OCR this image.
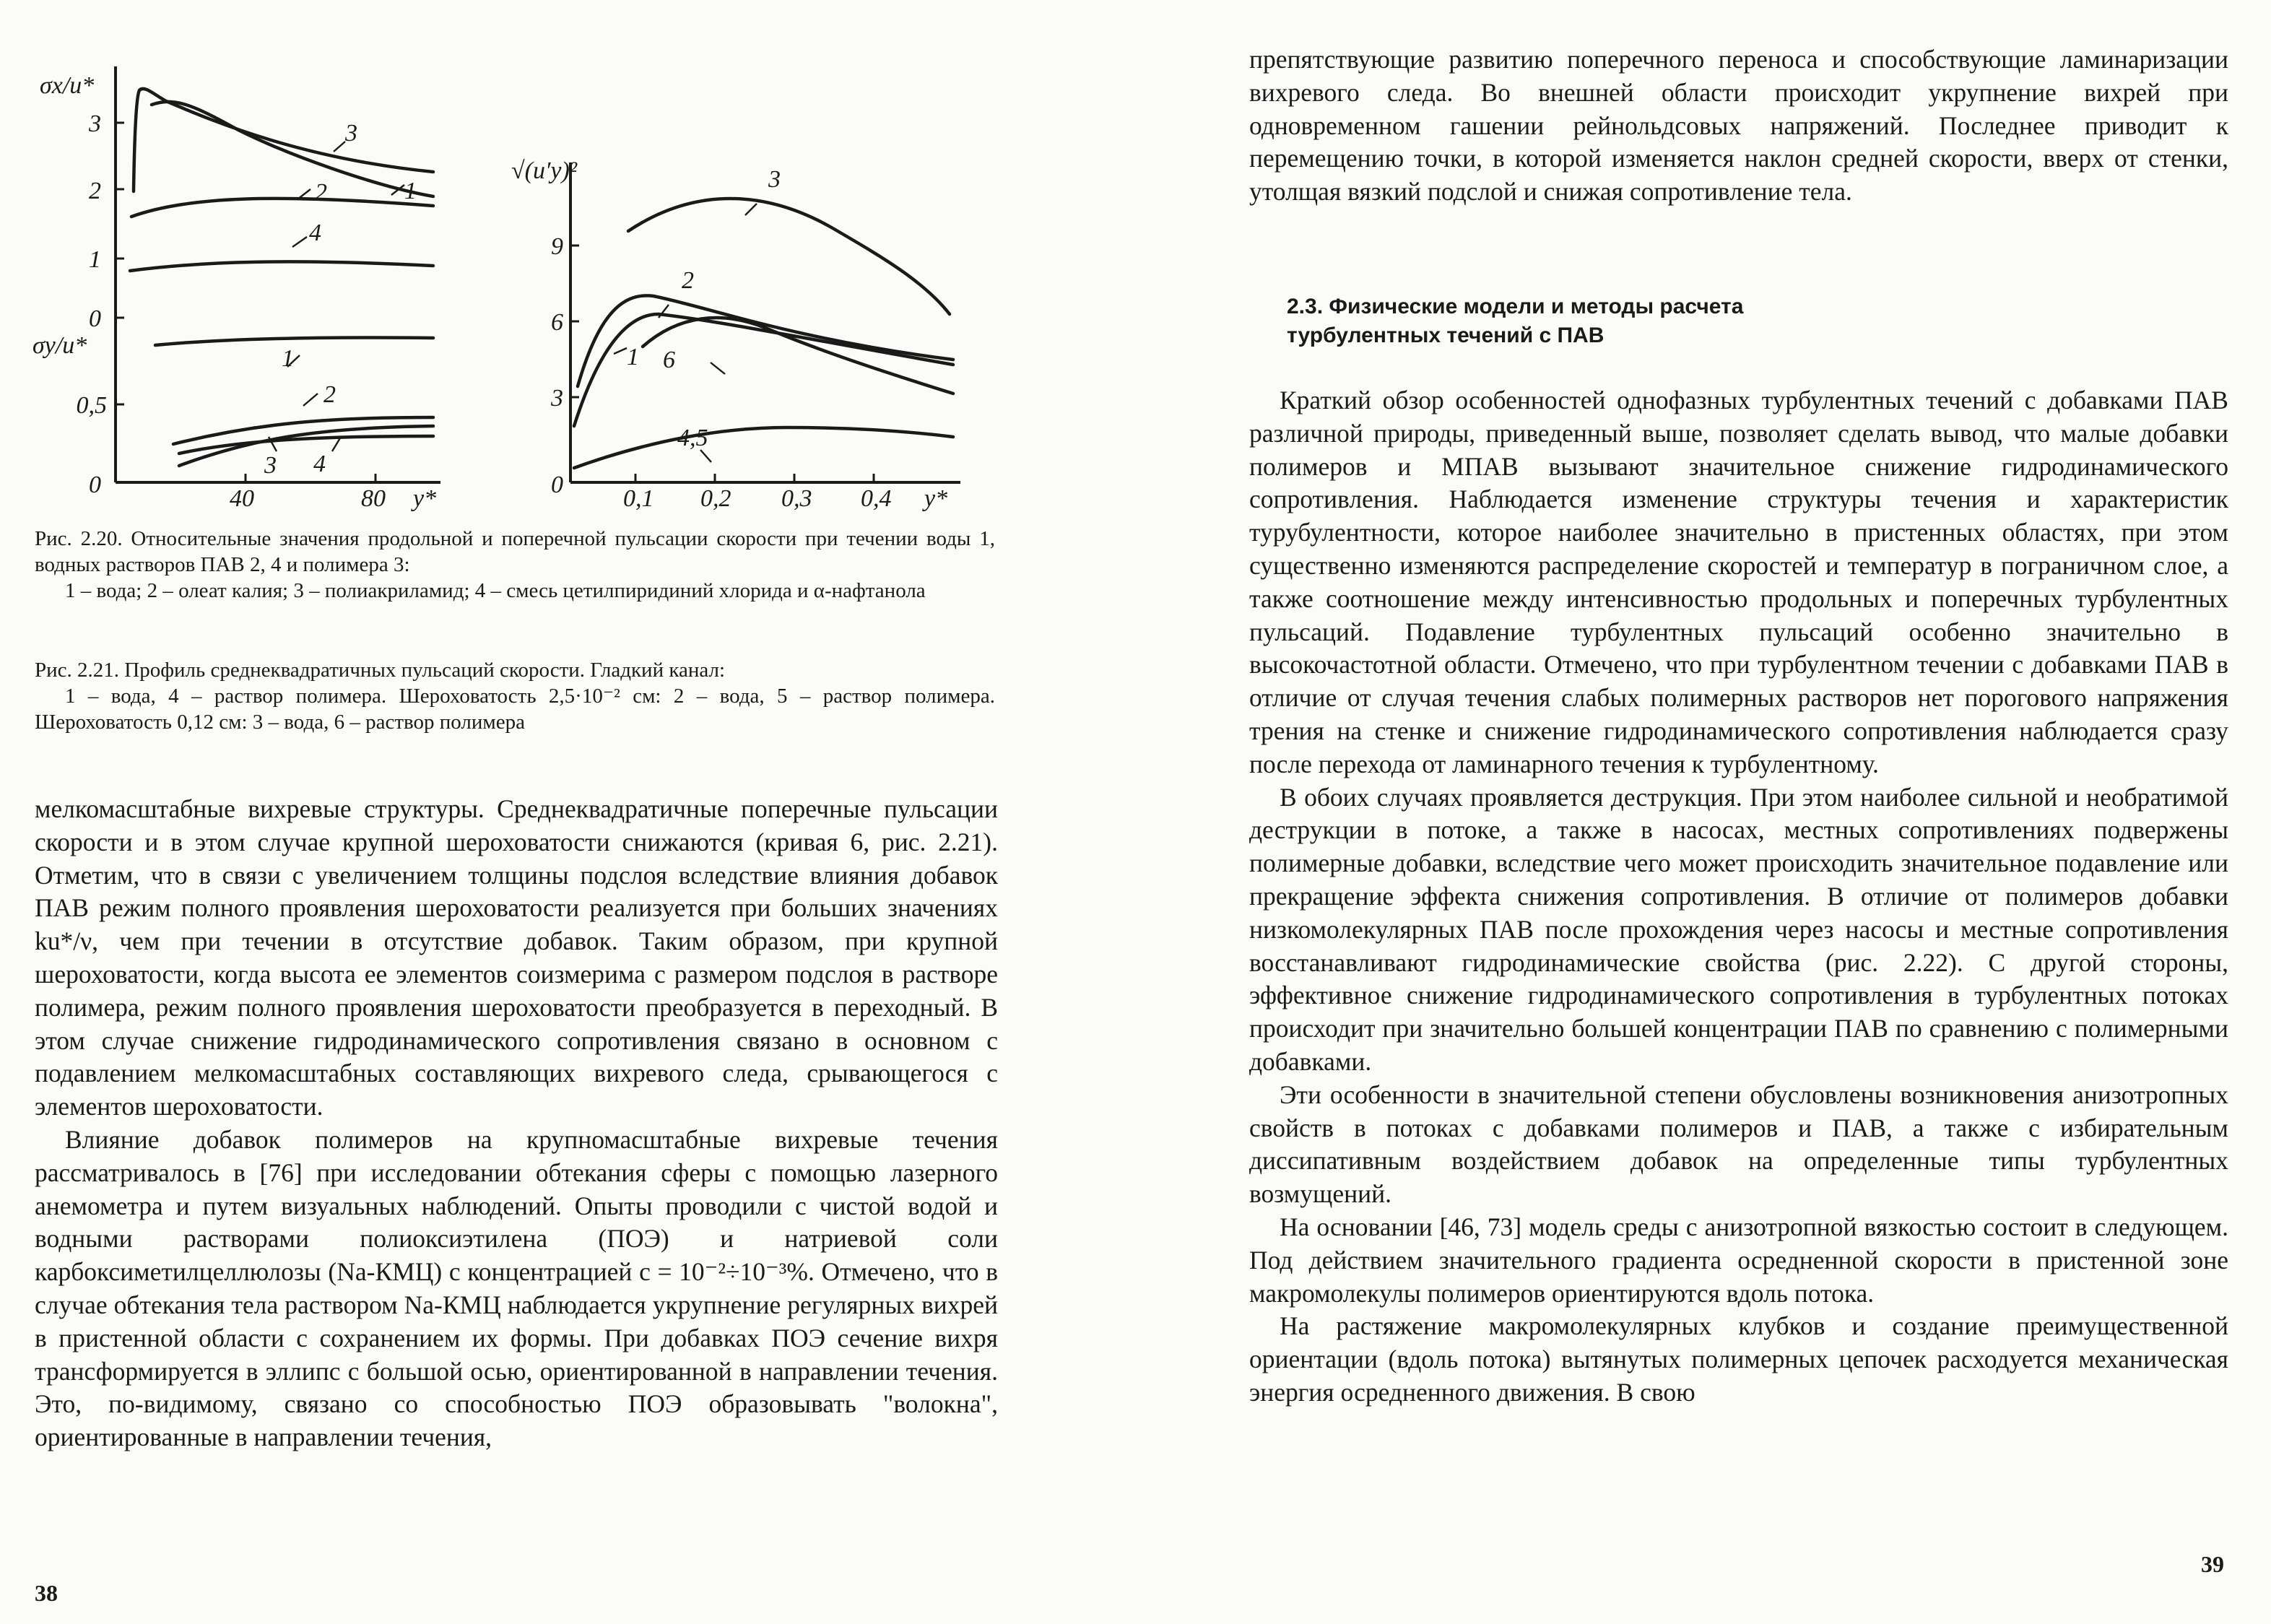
σx/u*
σy/u*
3
2
1
0
0,5
0
40	80 y*
3
2	1
4
1
2
3 4
√(u′y)²
9
6
3
0
0,1 0,2 0,3 0,4 y*
3
2
1 6
4,5

Рис. 2.20. Относительные значения продольной и поперечной пульсации скорости при течении воды 1, водных растворов ПАВ 2, 4 и полимера 3:

1 – вода; 2 – олеат калия; 3 – полиакриламид; 4 – смесь цетилпиридиний хлорида и α-нафтанола

Рис. 2.21. Профиль среднеквадратичных пульсаций скорости. Гладкий канал:

1 – вода, 4 – раствор полимера. Шероховатость 2,5·10⁻² см: 2 – вода, 5 – раствор полимера. Шероховатость 0,12 см: 3 – вода, 6 – раствор полимера

мелкомасштабные вихревые структуры. Среднеквадратичные поперечные пульсации скорости и в этом случае крупной шероховатости снижаются (кривая 6, рис. 2.21). Отметим, что в связи с увеличением толщины подслоя вследствие влияния добавок ПАВ режим полного проявления шероховатости реализуется при больших значениях ku*/ν, чем при течении в отсутствие добавок. Таким образом, при крупной шероховатости, когда высота ее элементов соизмерима с размером подслоя в растворе полимера, режим полного проявления шероховатости преобразуется в переходный. В этом случае снижение гидродинамического сопротивления связано в основном с подавлением мелкомасштабных составляющих вихревого следа, срывающегося с элементов шероховатости.

Влияние добавок полимеров на крупномасштабные вихревые течения рассматривалось в [76] при исследовании обтекания сферы с помощью лазерного анемометра и путем визуальных наблюдений. Опыты проводили с чистой водой и водными растворами полиоксиэтилена (ПОЭ) и натриевой соли карбоксиметилцеллюлозы (Na-КМЦ) с концентрацией c = 10⁻²÷10⁻³%. Отмечено, что в случае обтекания тела раствором Na-КМЦ наблюдается укрупнение регулярных вихрей в пристенной области с сохранением их формы. При добавках ПОЭ сечение вихря трансформируется в эллипс с большой осью, ориентированной в направлении течения. Это, по-видимому, связано со способностью ПОЭ образовывать "волокна", ориентированные в направлении течения,

38

препятствующие развитию поперечного переноса и способствующие ламинаризации вихревого следа. Во внешней области происходит укрупнение вихрей при одновременном гашении рейнольдсовых напряжений. Последнее приводит к перемещению точки, в которой изменяется наклон средней скорости, вверх от стенки, утолщая вязкий подслой и снижая сопротивление тела.

2.3. Физические модели и методы расчета
турбулентных течений с ПАВ

Краткий обзор особенностей однофазных турбулентных течений с добавками ПАВ различной природы, приведенный выше, позволяет сделать вывод, что малые добавки полимеров и МПАВ вызывают значительное снижение гидродинамического сопротивления. Наблюдается изменение структуры течения и характеристик турубулентности, которое наиболее значительно в пристенных областях, при этом существенно изменяются распределение скоростей и температур в пограничном слое, а также соотношение между интенсивностью продольных и поперечных турбулентных пульсаций. Подавление турбулентных пульсаций особенно значительно в высокочастотной области. Отмечено, что при турбулентном течении с добавками ПАВ в отличие от случая течения слабых полимерных растворов нет порогового напряжения трения на стенке и снижение гидродинамического сопротивления наблюдается сразу после перехода от ламинарного течения к турбулентному.

В обоих случаях проявляется деструкция. При этом наиболее сильной и необратимой деструкции в потоке, а также в насосах, местных сопротивлениях подвержены полимерные добавки, вследствие чего может происходить значительное подавление или прекращение эффекта снижения сопротивления. В отличие от полимеров добавки низкомолекулярных ПАВ после прохождения через насосы и местные сопротивления восстанавливают гидродинамические свойства (рис. 2.22). С другой стороны, эффективное снижение гидродинамического сопротивления в турбулентных потоках происходит при значительно большей концентрации ПАВ по сравнению с полимерными добавками.

Эти особенности в значительной степени обусловлены возникновения анизотропных свойств в потоках с добавками полимеров и ПАВ, а также с избирательным диссипативным воздействием добавок на определенные типы турбулентных возмущений.

На основании [46, 73] модель среды с анизотропной вязкостью состоит в следующем. Под действием значительного градиента осредненной скорости в пристенной зоне макромолекулы полимеров ориентируются вдоль потока.

На растяжение макромолекулярных клубков и создание преимущественной ориентации (вдоль потока) вытянутых полимерных цепочек расходуется механическая энергия осредненного движения. В свою

39
